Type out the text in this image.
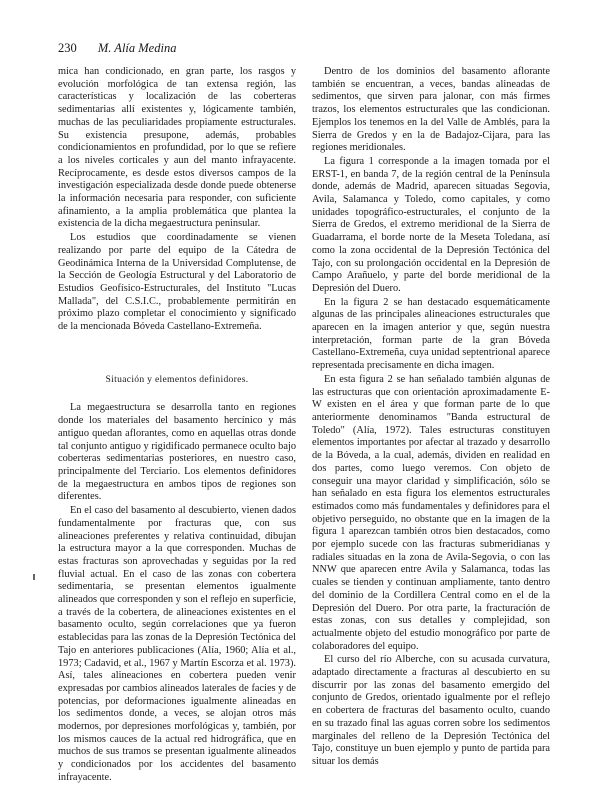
230 M. Alía Medina

mica han condicionado, en gran parte, los rasgos y evolución morfológica de tan extensa región, las características y localización de las coberteras sedimentarias allí existentes y, lógicamente también, muchas de las peculiaridades propiamente estructurales. Su existencia presupone, además, probables condicionamientos en profundidad, por lo que se refiere a los niveles corticales y aun del manto infrayacente. Recíprocamente, es desde estos diversos campos de la investigación especializada desde donde puede obtenerse la información necesaria para responder, con suficiente afinamiento, a la amplia problemática que plantea la existencia de la dicha megaestructura peninsular.

Los estudios que coordinadamente se vienen realizando por parte del equipo de la Cátedra de Geodinámica Interna de la Universidad Complutense, de la Sección de Geología Estructural y del Laboratorio de Estudios Geofísico-Estructurales, del Instituto "Lucas Mallada", del C.S.I.C., probablemente permitirán en próximo plazo completar el conocimiento y significado de la mencionada Bóveda Castellano-Extremeña.

Situación y elementos definidores.

La megaestructura se desarrolla tanto en regiones donde los materiales del basamento hercínico y más antiguo quedan aflorantes, como en aquellas otras donde tal conjunto antiguo y rigidificado permanece oculto bajo coberteras sedimentarias posteriores, en nuestro caso, principalmente del Terciario. Los elementos definidores de la megaestructura en ambos tipos de regiones son diferentes.

En el caso del basamento al descubierto, vienen dados fundamentalmente por fracturas que, con sus alineaciones preferentes y relativa continuidad, dibujan la estructura mayor a la que corresponden. Muchas de estas fracturas son aprovechadas y seguidas por la red fluvial actual. En el caso de las zonas con cobertera sedimentaria, se presentan elementos igualmente alineados que corresponden y son el reflejo en superficie, a través de la cobertera, de alineaciones existentes en el basamento oculto, según correlaciones que ya fueron establecidas para las zonas de la Depresión Tectónica del Tajo en anteriores publicaciones (Alía, 1960; Alía et al., 1973; Cadavid, et al., 1967 y Martín Escorza et al. 1973). Así, tales alineaciones en cobertera pueden venir expresadas por cambios alineados laterales de facies y de potencias, por deformaciones igualmente alineadas en los sedimentos donde, a veces, se alojan otros más modernos, por depresiones morfológicas y, también, por los mismos cauces de la actual red hidrográfica, que en muchos de sus tramos se presentan igualmente alineados y condicionados por los accidentes del basamento infrayacente.

Dentro de los dominios del basamento aflorante también se encuentran, a veces, bandas alineadas de sedimentos, que sirven para jalonar, con más firmes trazos, los elementos estructurales que las condicionan. Ejemplos los tenemos en la del Valle de Amblés, para la Sierra de Gredos y en la de Badajoz-Cijara, para las regiones meridionales.

La figura 1 corresponde a la imagen tomada por el ERST-1, en banda 7, de la región central de la Península donde, además de Madrid, aparecen situadas Segovia, Avila, Salamanca y Toledo, como capitales, y como unidades topográfico-estructurales, el conjunto de la Sierra de Gredos, el extremo meridional de la Sierra de Guadarrama, el borde norte de la Meseta Toledana, así como la zona occidental de la Depresión Tectónica del Tajo, con su prolongación occidental en la Depresión de Campo Arañuelo, y parte del borde meridional de la Depresión del Duero.

En la figura 2 se han destacado esquemáticamente algunas de las principales alineaciones estructurales que aparecen en la imagen anterior y que, según nuestra interpretación, forman parte de la gran Bóveda Castellano-Extremeña, cuya unidad septentrional aparece representada precisamente en dicha imagen.

En esta figura 2 se han señalado también algunas de las estructuras que con orientación aproximadamente E-W existen en el área y que forman parte de lo que anteriormente denominamos "Banda estructural de Toledo" (Alía, 1972). Tales estructuras constituyen elementos importantes por afectar al trazado y desarrollo de la Bóveda, a la cual, además, dividen en realidad en dos partes, como luego veremos. Con objeto de conseguir una mayor claridad y simplificación, sólo se han señalado en esta figura los elementos estructurales estimados como más fundamentales y definidores para el objetivo perseguido, no obstante que en la imagen de la figura 1 aparezcan también otros bien destacados, como por ejemplo sucede con las fracturas submeridianas y radiales situadas en la zona de Avila-Segovia, o con las NNW que aparecen entre Avila y Salamanca, todas las cuales se tienden y continuan ampliamente, tanto dentro del dominio de la Cordillera Central como en el de la Depresión del Duero. Por otra parte, la fracturación de estas zonas, con sus detalles y complejidad, son actualmente objeto del estudio monográfico por parte de colaboradores del equipo.

El curso del río Alberche, con su acusada curvatura, adaptado directamente a fracturas al descubierto en su discurrir por las zonas del basamento emergido del conjunto de Gredos, orientado igualmente por el reflejo en cobertera de fracturas del basamento oculto, cuando en su trazado final las aguas corren sobre los sedimentos marginales del relleno de la Depresión Tectónica del Tajo, constituye un buen ejemplo y punto de partida para situar los demás
